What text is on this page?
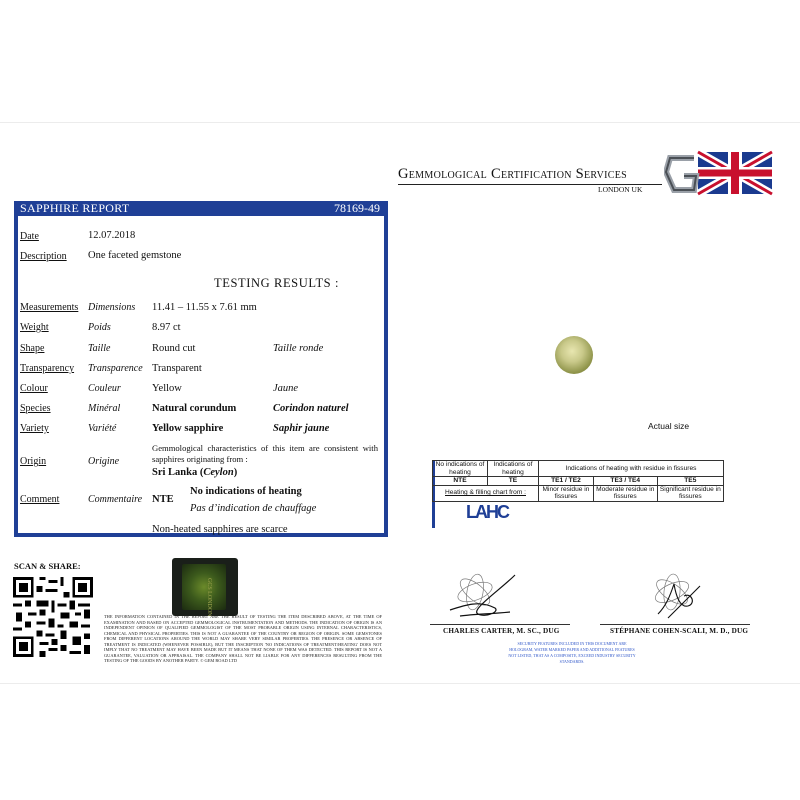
Gemmological Certification Services
LONDON UK
SAPPHIRE REPORT	78169-49
Date	12.07.2018
Description One faceted gemstone
TESTING RESULTS :
Measurements Dimensions 11.41 – 11.55 x 7.61 mm
Weight	Poids	8.97 ct
Shape	Taille	Round cut	Taille ronde
Transparency Transparence Transparent
Colour	Couleur	Yellow	Jaune
Species	Minéral	Natural corundum	Corindon naturel
Variety	Variété	Yellow sapphire	Saphir jaune
Origin	Origine
Gemmological characteristics of this item are consistent with sapphires originating from :
Sri Lanka (Ceylon)
Comment	Commentaire NTE
No indications of heating
Pas d’indication de chauffage
Non-heated sapphires are scarce
Actual size
No indications of heating	Indications of heating	Indications of heating with residue in fissures		
NTE	TE	TE1 / TE2	TE3 / TE4	TE5
Heating & filling chart from :		Minor residue in fissures	Moderate residue in fissures	Significant residue in fissures
LAHC
SCAN & SHARE:
GCS LONDON
THE INFORMATION CONTAINED IN THE REPORT ARE THE RESULT OF TESTING THE ITEM DESCRIBED ABOVE, AT THE TIME OF EXAMINATION AND BASED ON ACCEPTED GEMMOLOGICAL INSTRUMENTATION AND METHODS. THE INDICATION OF ORIGIN IS AN INDEPENDENT OPINION OF QUALIFIED GEMMOLOGIST OF THE MOST PROBABLE ORIGIN USING INTERNAL CHARACTERISTICS, CHEMICAL AND PHYSICAL PROPERTIES. THIS IS NOT A GUARANTEE OF THE COUNTRY OR REGION OF ORIGIN. SOME GEMSTONES FROM DIFFERENT LOCATIONS AROUND THE WORLD MAY SHARE VERY SIMILAR PROPERTIES. THE PRESENCE OR ABSENCE OF TREATMENT IS INDICATED (WHENEVER POSSIBLE), BUT THE INSCRIPTION 'NO INDICATIONS OF TREATMENT/HEATING' DOES NOT IMPLY THAT NO TREATMENT MAY HAVE BEEN MADE BUT IT MEANS THAT NONE OF THEM WAS DETECTED. THIS REPORT IS NOT A GUARANTEE, VALUATION OR APPRAISAL. THE COMPANY SHALL NOT BE LIABLE FOR ANY DIFFERENCES RESULTING FROM THE TESTING OF THE GOODS BY ANOTHER PARTY. © GEM ROAD LTD
CHARLES CARTER, M. SC., DUG	STÉPHANE COHEN-SCALI, M. D., DUG
SECURITY FEATURES INCLUDED IN THIS DOCUMENT ARE HOLOGRAM, WATER MARKED PAPER AND ADDITIONAL FEATURES NOT LISTED, THAT AS A COMPOSITE, EXCEED INDUSTRY SECURITY STANDARDS.
